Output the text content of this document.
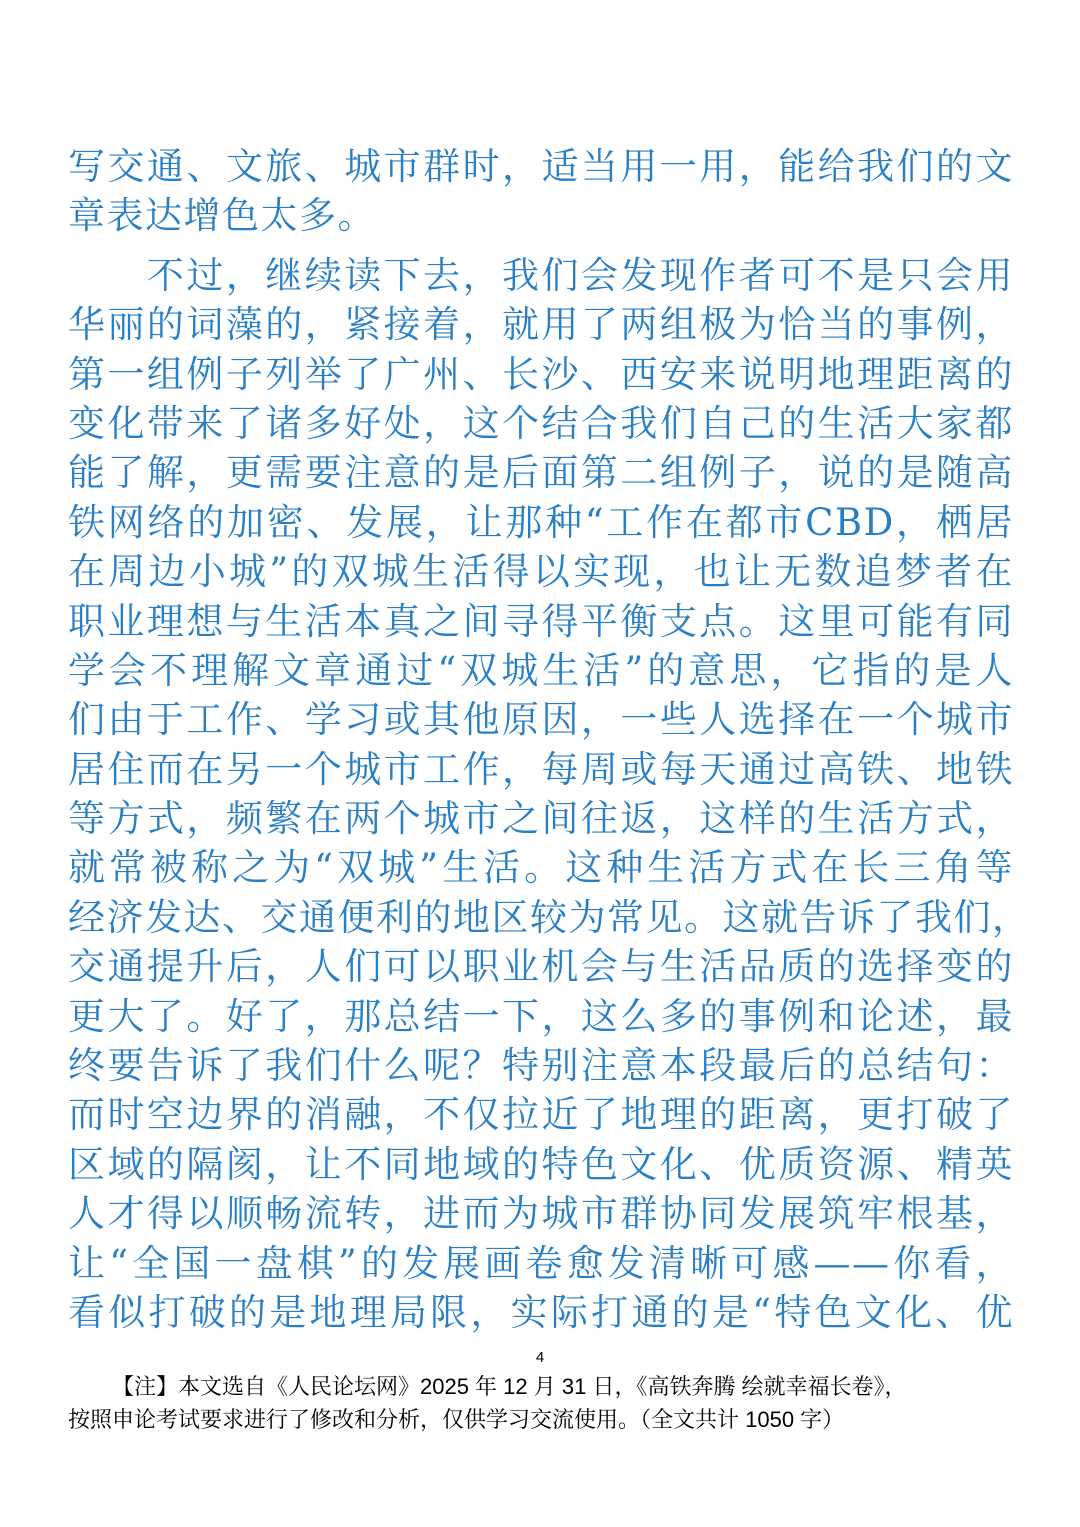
写交通、文旅、城市群时，适当用一用，能给我们的文
章表达增色太多。
　　不过，继续读下去，我们会发现作者可不是只会用
华丽的词藻的，紧接着，就用了两组极为恰当的事例，
第一组例子列举了广州、长沙、西安来说明地理距离的
变化带来了诸多好处，这个结合我们自己的生活大家都
能了解，更需要注意的是后面第二组例子，说的是随高
铁网络的加密、发展，让那种“工作在都市CBD，栖居
在周边小城”的双城生活得以实现，也让无数追梦者在
职业理想与生活本真之间寻得平衡支点。这里可能有同
学会不理解文章通过“双城生活”的意思，它指的是人
们由于工作、学习或其他原因，一些人选择在一个城市
居住而在另一个城市工作，每周或每天通过高铁、地铁
等方式，频繁在两个城市之间往返，这样的生活方式，
就常被称之为“双城”生活。这种生活方式在长三角等
经济发达、交通便利的地区较为常见。这就告诉了我们，
交通提升后，人们可以职业机会与生活品质的选择变的
更大了。好了，那总结一下，这么多的事例和论述，最
终要告诉了我们什么呢？特别注意本段最后的总结句：
而时空边界的消融，不仅拉近了地理的距离，更打破了
区域的隔阂，让不同地域的特色文化、优质资源、精英
人才得以顺畅流转，进而为城市群协同发展筑牢根基，
让“全国一盘棋”的发展画卷愈发清晰可感——你看，
看似打破的是地理局限，实际打通的是“特色文化、优
4
【注】本文选自《人民论坛网》2025 年 12 月 31 日，《高铁奔腾 绘就幸福长卷》，
按照申论考试要求进行了修改和分析，仅供学习交流使用。（全文共计 1050 字）
